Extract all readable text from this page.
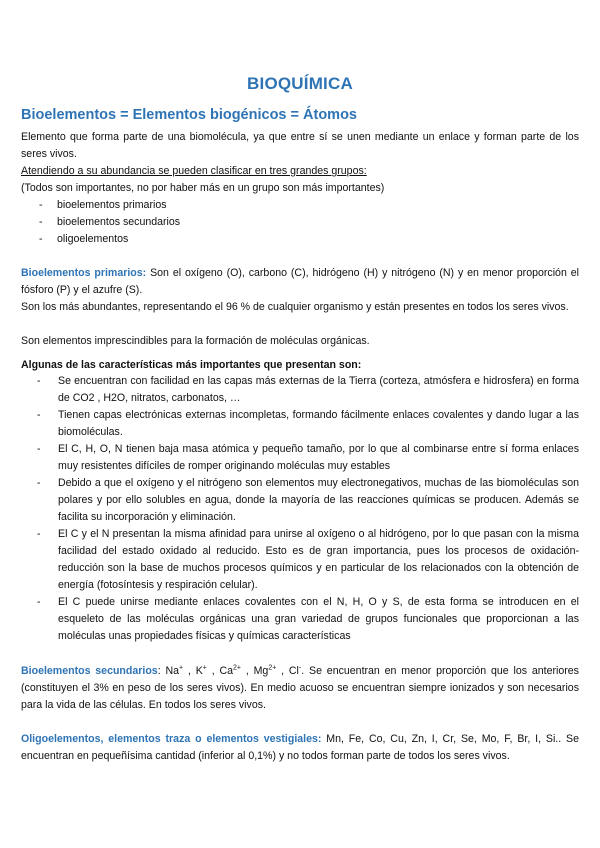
BIOQUÍMICA
Bioelementos = Elementos biogénicos = Átomos
Elemento que forma parte de una biomolécula, ya que entre sí se unen mediante un enlace y forman parte de los seres vivos.
Atendiendo a su abundancia se pueden clasificar en tres grandes grupos:
(Todos son importantes, no por haber más en un grupo son más importantes)
- bioelementos primarios
- bioelementos secundarios
- oligoelementos
Bioelementos primarios: Son el oxígeno (O), carbono (C), hidrógeno (H) y nitrógeno (N) y en menor proporción el fósforo (P) y el azufre (S).
Son los más abundantes, representando el 96 % de cualquier organismo y están presentes en todos los seres vivos.
Son elementos imprescindibles para la formación de moléculas orgánicas.
Algunas de las características más importantes que presentan son:
- Se encuentran con facilidad en las capas más externas de la Tierra (corteza, atmósfera e hidrosfera) en forma de CO2 , H2O, nitratos, carbonatos, …
- Tienen capas electrónicas externas incompletas, formando fácilmente enlaces covalentes y dando lugar a las biomoléculas.
- El C, H, O, N tienen baja masa atómica y pequeño tamaño, por lo que al combinarse entre sí forma enlaces muy resistentes difíciles de romper originando moléculas muy estables
- Debido a que el oxígeno y el nitrógeno son elementos muy electronegativos, muchas de las biomoléculas son polares y por ello solubles en agua, donde la mayoría de las reacciones químicas se producen. Además se facilita su incorporación y eliminación.
- El C y el N presentan la misma afinidad para unirse al oxígeno o al hidrógeno, por lo que pasan con la misma facilidad del estado oxidado al reducido. Esto es de gran importancia, pues los procesos de oxidación-reducción son la base de muchos procesos químicos y en particular de los relacionados con la obtención de energía (fotosíntesis y respiración celular).
- El C puede unirse mediante enlaces covalentes con el N, H, O y S, de esta forma se introducen en el esqueleto de las moléculas orgánicas una gran variedad de grupos funcionales que proporcionan a las moléculas unas propiedades físicas y químicas características
Bioelementos secundarios: Na+ , K+ , $Ca^{2+}$ , $Mg^{2+}$ , Cl-. Se encuentran en menor proporción que los anteriores (constituyen el 3% en peso de los seres vivos). En medio acuoso se encuentran siempre ionizados y son necesarios para la vida de las células. En todos los seres vivos.
Oligoelementos, elementos traza o elementos vestigiales: Mn, Fe, Co, Cu, Zn, I, Cr, Se, Mo, F, Br, I, Si.. Se encuentran en pequeñísima cantidad (inferior al 0,1%) y no todos forman parte de todos los seres vivos.
